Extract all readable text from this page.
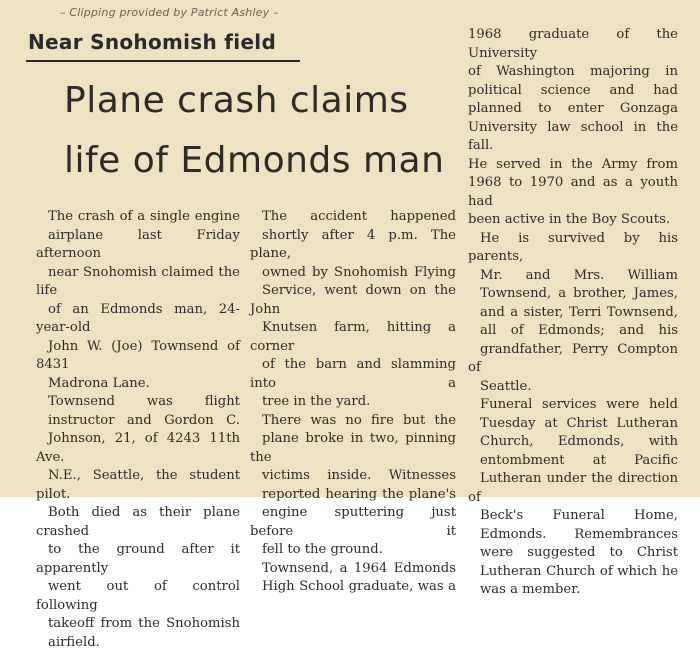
– Clipping provided by Patrict Ashley –
Near Snohomish field
Plane crash claims
life of Edmonds man

The crash of a single engine
airplane last Friday afternoon
near Snohomish claimed the life
of an Edmonds man, 24-year-old
John W. (Joe) Townsend of 8431
Madrona Lane.

Townsend was flight
instructor and Gordon C.
Johnson, 21, of 4243 11th Ave.
N.E., Seattle, the student pilot.
Both died as their plane crashed
to the ground after it apparently
went out of control following
takeoff from the Snohomish
airfield.

The accident happened
shortly after 4 p.m. The plane,
owned by Snohomish Flying
Service, went down on the John
Knutsen farm, hitting a corner
of the barn and slamming into a
tree in the yard.

There was no fire but the
plane broke in two, pinning the
victims inside. Witnesses
reported hearing the plane's
engine sputtering just before it
fell to the ground.

Townsend, a 1964 Edmonds
High School graduate, was a

1968 graduate of the University
of Washington majoring in
political science and had
planned to enter Gonzaga
University law school in the fall.
He served in the Army from
1968 to 1970 and as a youth had
been active in the Boy Scouts.

He is survived by his parents,
Mr. and Mrs. William
Townsend, a brother, James,
and a sister, Terri Townsend,
all of Edmonds; and his
grandfather, Perry Compton of
Seattle.

Funeral services were held
Tuesday at Christ Lutheran
Church, Edmonds, with
entombment at Pacific
Lutheran under the direction of
Beck's Funeral Home,
Edmonds. Remembrances
were suggested to Christ
Lutheran Church of which he
was a member.
